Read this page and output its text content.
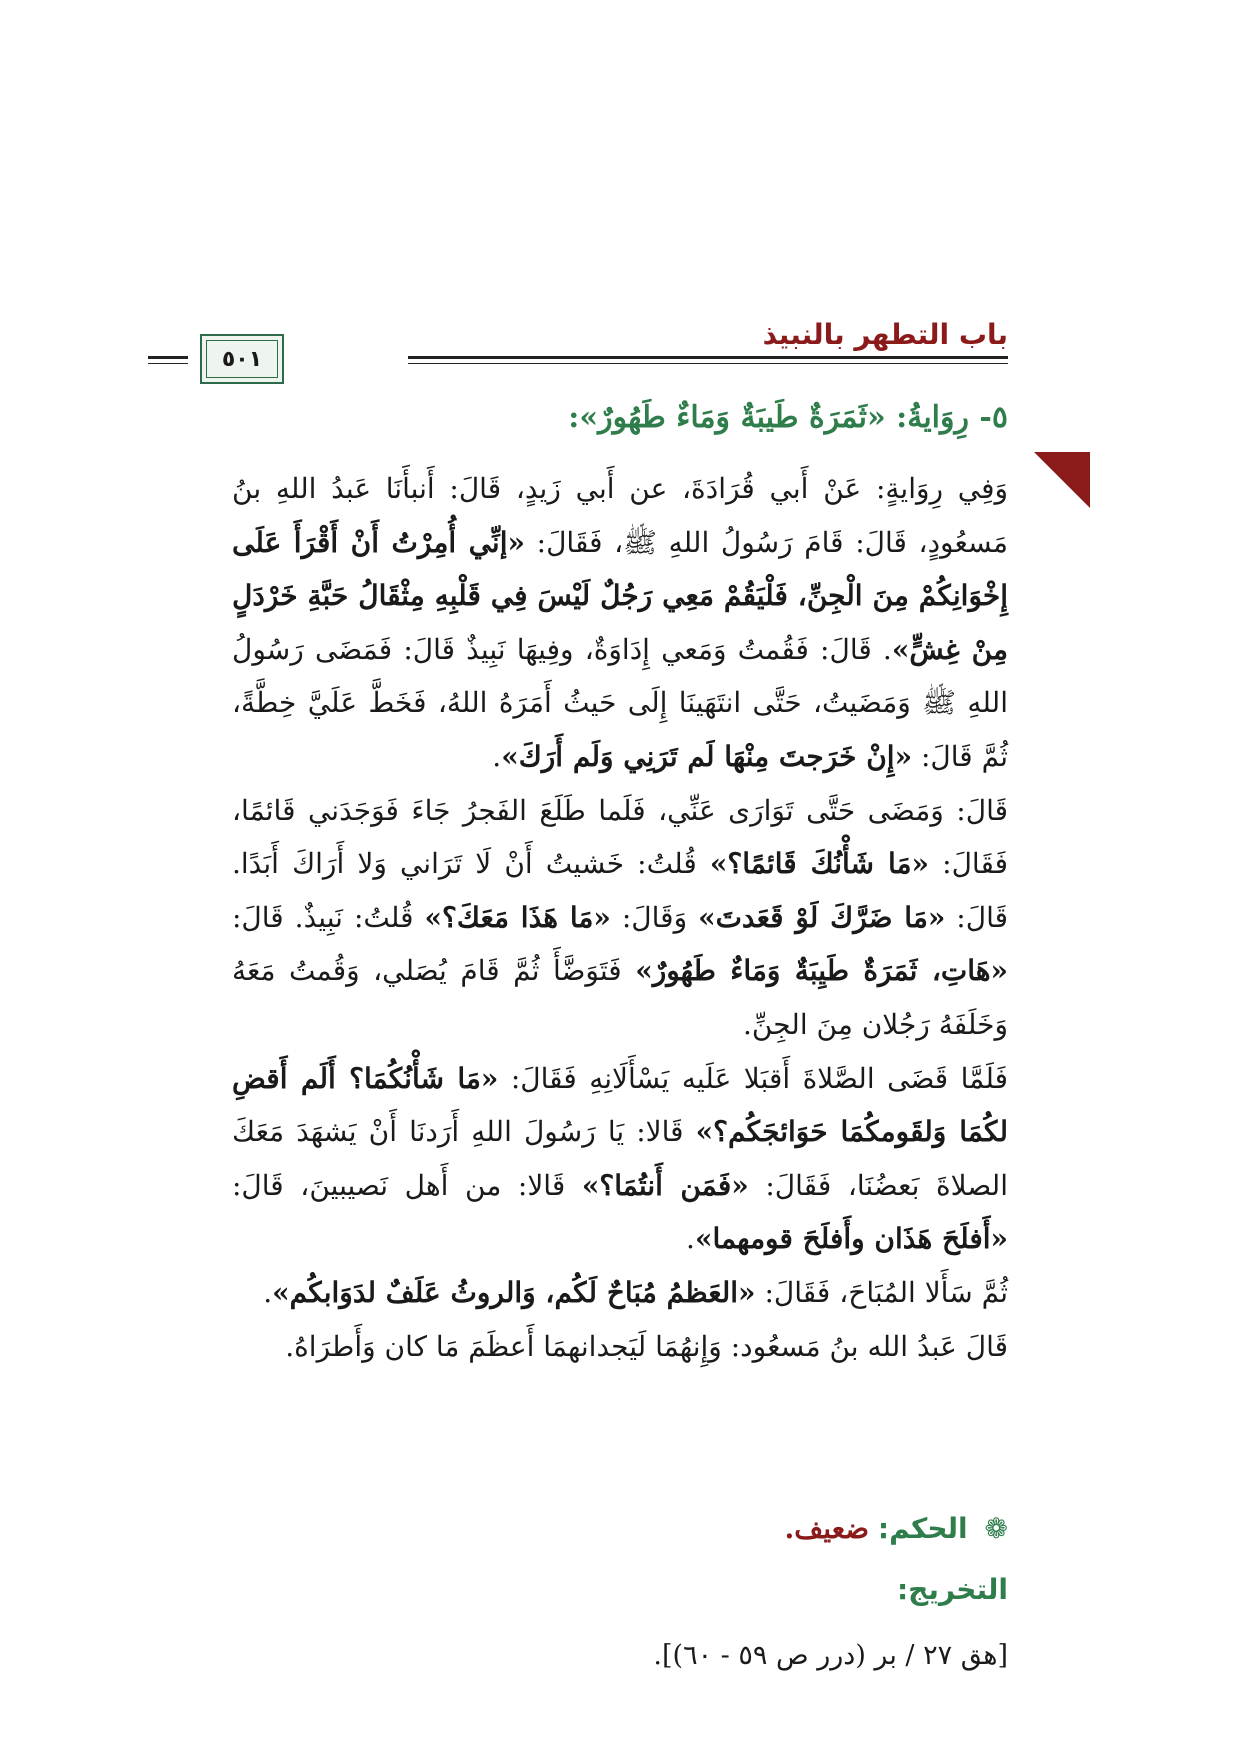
باب التطهر بالنبيذ
٥٠١
٥- رِوَايةُ: «ثَمَرَةٌ طَيبَةٌ وَمَاءٌ طَهُورٌ»:

وَفِي رِوَايةٍ: عَنْ أَبي قُرَادَةَ، عن أَبي زَيدٍ، قَالَ: أَنبأَنَا عَبدُ اللهِ بنُ مَسعُودٍ، قَالَ: قَامَ رَسُولُ اللهِ ﷺ، فَقَالَ: «إنِّي أُمِرْتُ أَنْ أَقْرَأَ عَلَى إِخْوَانِكُمْ مِنَ الْجِنِّ، فَلْيَقُمْ مَعِي رَجُلٌ لَيْسَ فِي قَلْبِهِ مِثْقَالُ حَبَّةِ خَرْدَلٍ مِنْ غِشٍّ». قَالَ: فَقُمتُ وَمَعي إِدَاوَةٌ، وفِيهَا نَبِيذٌ قَالَ: فَمَضَى رَسُولُ اللهِ ﷺ وَمَضَيتُ، حَتَّى انتَهَينَا إِلَى حَيثُ أَمَرَهُ اللهُ، فَخَطَّ عَلَيَّ خِطَّةً، ثُمَّ قَالَ: «إِنْ خَرَجتَ مِنْهَا لَم تَرَنِي وَلَم أَرَكَ».

قَالَ: وَمَضَى حَتَّى تَوَارَى عَنِّي، فَلَما طَلَعَ الفَجرُ جَاءَ فَوَجَدَني قَائمًا، فَقَالَ: «مَا شَأْنُكَ قَائمًا؟» قُلتُ: خَشيتُ أَنْ لَا تَرَاني وَلا أَرَاكَ أَبَدًا. قَالَ: «مَا ضَرَّكَ لَوْ قَعَدتَ» وَقَالَ: «مَا هَذَا مَعَكَ؟» قُلتُ: نَبِيذٌ. قَالَ: «هَاتِ، ثَمَرَةٌ طَيِبَةٌ وَمَاءٌ طَهُورٌ» فَتَوَضَّأَ ثُمَّ قَامَ يُصَلي، وَقُمتُ مَعَهُ وَخَلَفَهُ رَجُلان مِنَ الجِنِّ.

فَلَمَّا قَضَى الصَّلاةَ أَقبَلا عَلَيه يَسْأَلَانِهِ فَقَالَ: «مَا شَأْنُكُمَا؟ أَلَم أَقضِ لكُمَا وَلقَومكُمَا حَوَائجَكُم؟» قَالا: يَا رَسُولَ اللهِ أَرَدنَا أَنْ يَشهَدَ مَعَكَ الصلاةَ بَعضُنَا، فَقَالَ: «فَمَن أَنتُمَا؟» قَالا: من أَهل نَصيبينَ، قَالَ: «أَفلَحَ هَذَان وأَفلَحَ قومهما».

ثُمَّ سَأَلا المُبَاحَ، فَقَالَ: «العَظمُ مُبَاحٌ لَكُم، وَالروثُ عَلَفٌ لدَوَابكُم».

قَالَ عَبدُ الله بنُ مَسعُود: وَإِنهُمَا لَيَجدانهمَا أَعظَمَ مَا كان وَأَطرَاهُ.

❁ الحكم: ضعيف.
التخريج:
[هق ٢٧ / بر (درر ص ٥٩ - ٦٠)].
